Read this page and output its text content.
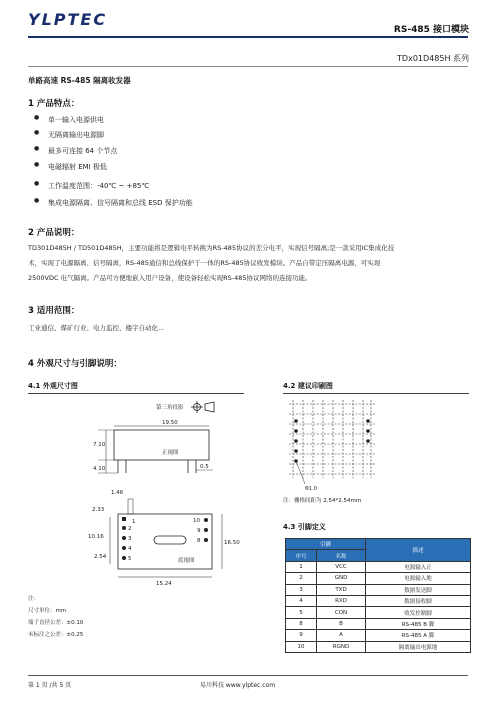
YLPTEC
RS-485 接口模块
TDx01D485H 系列
单路高速 RS-485 隔离收发器
1 产品特点：
● 单一输入电源供电
● 无隔离输出电源脚
● 最多可连接 64 个节点
● 电磁辐射 EMI 极低
● 工作温度范围：-40℃ ~ +85℃
● 集成电源隔离、信号隔离和总线 ESD 保护功能
2 产品说明：
TD301D485H / TD501D485H，主要功能将是逻辑电平转换为RS-485协议的差分电平，实现信号隔离;是一款采用IC集成化技
术，实现了电源隔离、信号隔离，RS-485通信和总线保护于一体的RS-485协议收发模块。产品自带定压隔离电源，可实现
2500VDC 电气隔离。产品可方便地嵌入用户设备，使设备轻松实现RS-485协议网络的连接功能。
3 适用范围：
工业通信、煤矿行业、电力监控、楼宇自动化...
4 外观尺寸与引脚说明：
4.1 外观尺寸图	4.2 建议印刷图
第三角投影
正视图
19.50
7.10
4.10	0.5
1.46
2.33
10.16
2.54
16.50
15.24
1
2
3
4
5
10
9
8
底视图
Φ1.0
注：栅格间距为 2.54*2.54mm
4.3 引脚定义
引脚		描述
序号	名称	
1	VCC	电源输入正
2	GND	电源输入地
3	TXD	数据发送脚
4	RXD	数据接收脚
5	CON	收发控制脚
8	B	RS-485 B 脚
9	A	RS-485 A 脚
10	RGND	隔离输出电源地
注：
尺寸单位：mm
端子直径公差：±0.10
未标注之公差：±0.25
第 1 页 /共 5 页	易川科技 www.ylptec.com
